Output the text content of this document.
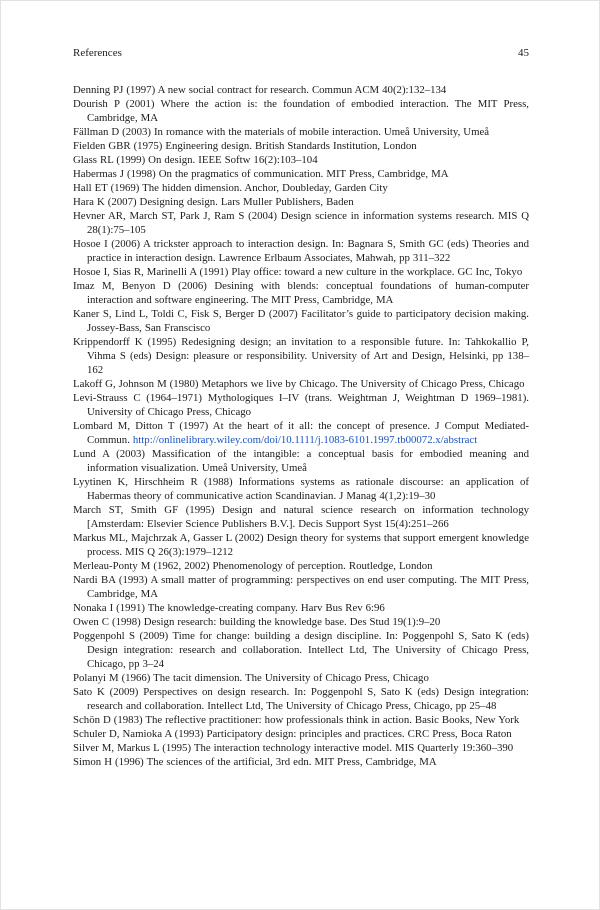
References	45

Denning PJ (1997) A new social contract for research. Commun ACM 40(2):132–134

Dourish P (2001) Where the action is: the foundation of embodied interaction. The MIT Press, Cambridge, MA

Fällman D (2003) In romance with the materials of mobile interaction. Umeå University, Umeå

Fielden GBR (1975) Engineering design. British Standards Institution, London

Glass RL (1999) On design. IEEE Softw 16(2):103–104

Habermas J (1998) On the pragmatics of communication. MIT Press, Cambridge, MA

Hall ET (1969) The hidden dimension. Anchor, Doubleday, Garden City

Hara K (2007) Designing design. Lars Muller Publishers, Baden

Hevner AR, March ST, Park J, Ram S (2004) Design science in information systems research. MIS Q 28(1):75–105

Hosoe I (2006) A trickster approach to interaction design. In: Bagnara S, Smith GC (eds) Theories and practice in interaction design. Lawrence Erlbaum Associates, Mahwah, pp 311–322

Hosoe I, Sias R, Marinelli A (1991) Play office: toward a new culture in the workplace. GC Inc, Tokyo

Imaz M, Benyon D (2006) Desining with blends: conceptual foundations of human-computer interaction and software engineering. The MIT Press, Cambridge, MA

Kaner S, Lind L, Toldi C, Fisk S, Berger D (2007) Facilitator’s guide to participatory decision making. Jossey-Bass, San Franscisco

Krippendorff K (1995) Redesigning design; an invitation to a responsible future. In: Tahkokallio P, Vihma S (eds) Design: pleasure or responsibility. University of Art and Design, Helsinki, pp 138–162

Lakoff G, Johnson M (1980) Metaphors we live by Chicago. The University of Chicago Press, Chicago

Levi-Strauss C (1964–1971) Mythologiques I–IV (trans. Weightman J, Weightman D 1969–1981). University of Chicago Press, Chicago

Lombard M, Ditton T (1997) At the heart of it all: the concept of presence. J Comput Mediated-Commun. http://onlinelibrary.wiley.com/doi/10.1111/j.1083-6101.1997.tb00072.x/abstract

Lund A (2003) Massification of the intangible: a conceptual basis for embodied meaning and information visualization. Umeå University, Umeå

Lyytinen K, Hirschheim R (1988) Informations systems as rationale discourse: an application of Habermas theory of communicative action Scandinavian. J Manag 4(1,2):19–30

March ST, Smith GF (1995) Design and natural science research on information technology [Amsterdam: Elsevier Science Publishers B.V.]. Decis Support Syst 15(4):251–266

Markus ML, Majchrzak A, Gasser L (2002) Design theory for systems that support emergent knowledge process. MIS Q 26(3):1979–1212

Merleau-Ponty M (1962, 2002) Phenomenology of perception. Routledge, London

Nardi BA (1993) A small matter of programming: perspectives on end user computing. The MIT Press, Cambridge, MA

Nonaka I (1991) The knowledge-creating company. Harv Bus Rev 6:96

Owen C (1998) Design research: building the knowledge base. Des Stud 19(1):9–20

Poggenpohl S (2009) Time for change: building a design discipline. In: Poggenpohl S, Sato K (eds) Design integration: research and collaboration. Intellect Ltd, The University of Chicago Press, Chicago, pp 3–24

Polanyi M (1966) The tacit dimension. The University of Chicago Press, Chicago

Sato K (2009) Perspectives on design research. In: Poggenpohl S, Sato K (eds) Design integration: research and collaboration. Intellect Ltd, The University of Chicago Press, Chicago, pp 25–48

Schön D (1983) The reflective practitioner: how professionals think in action. Basic Books, New York

Schuler D, Namioka A (1993) Participatory design: principles and practices. CRC Press, Boca Raton

Silver M, Markus L (1995) The interaction technology interactive model. MIS Quarterly 19:360–390

Simon H (1996) The sciences of the artificial, 3rd edn. MIT Press, Cambridge, MA
